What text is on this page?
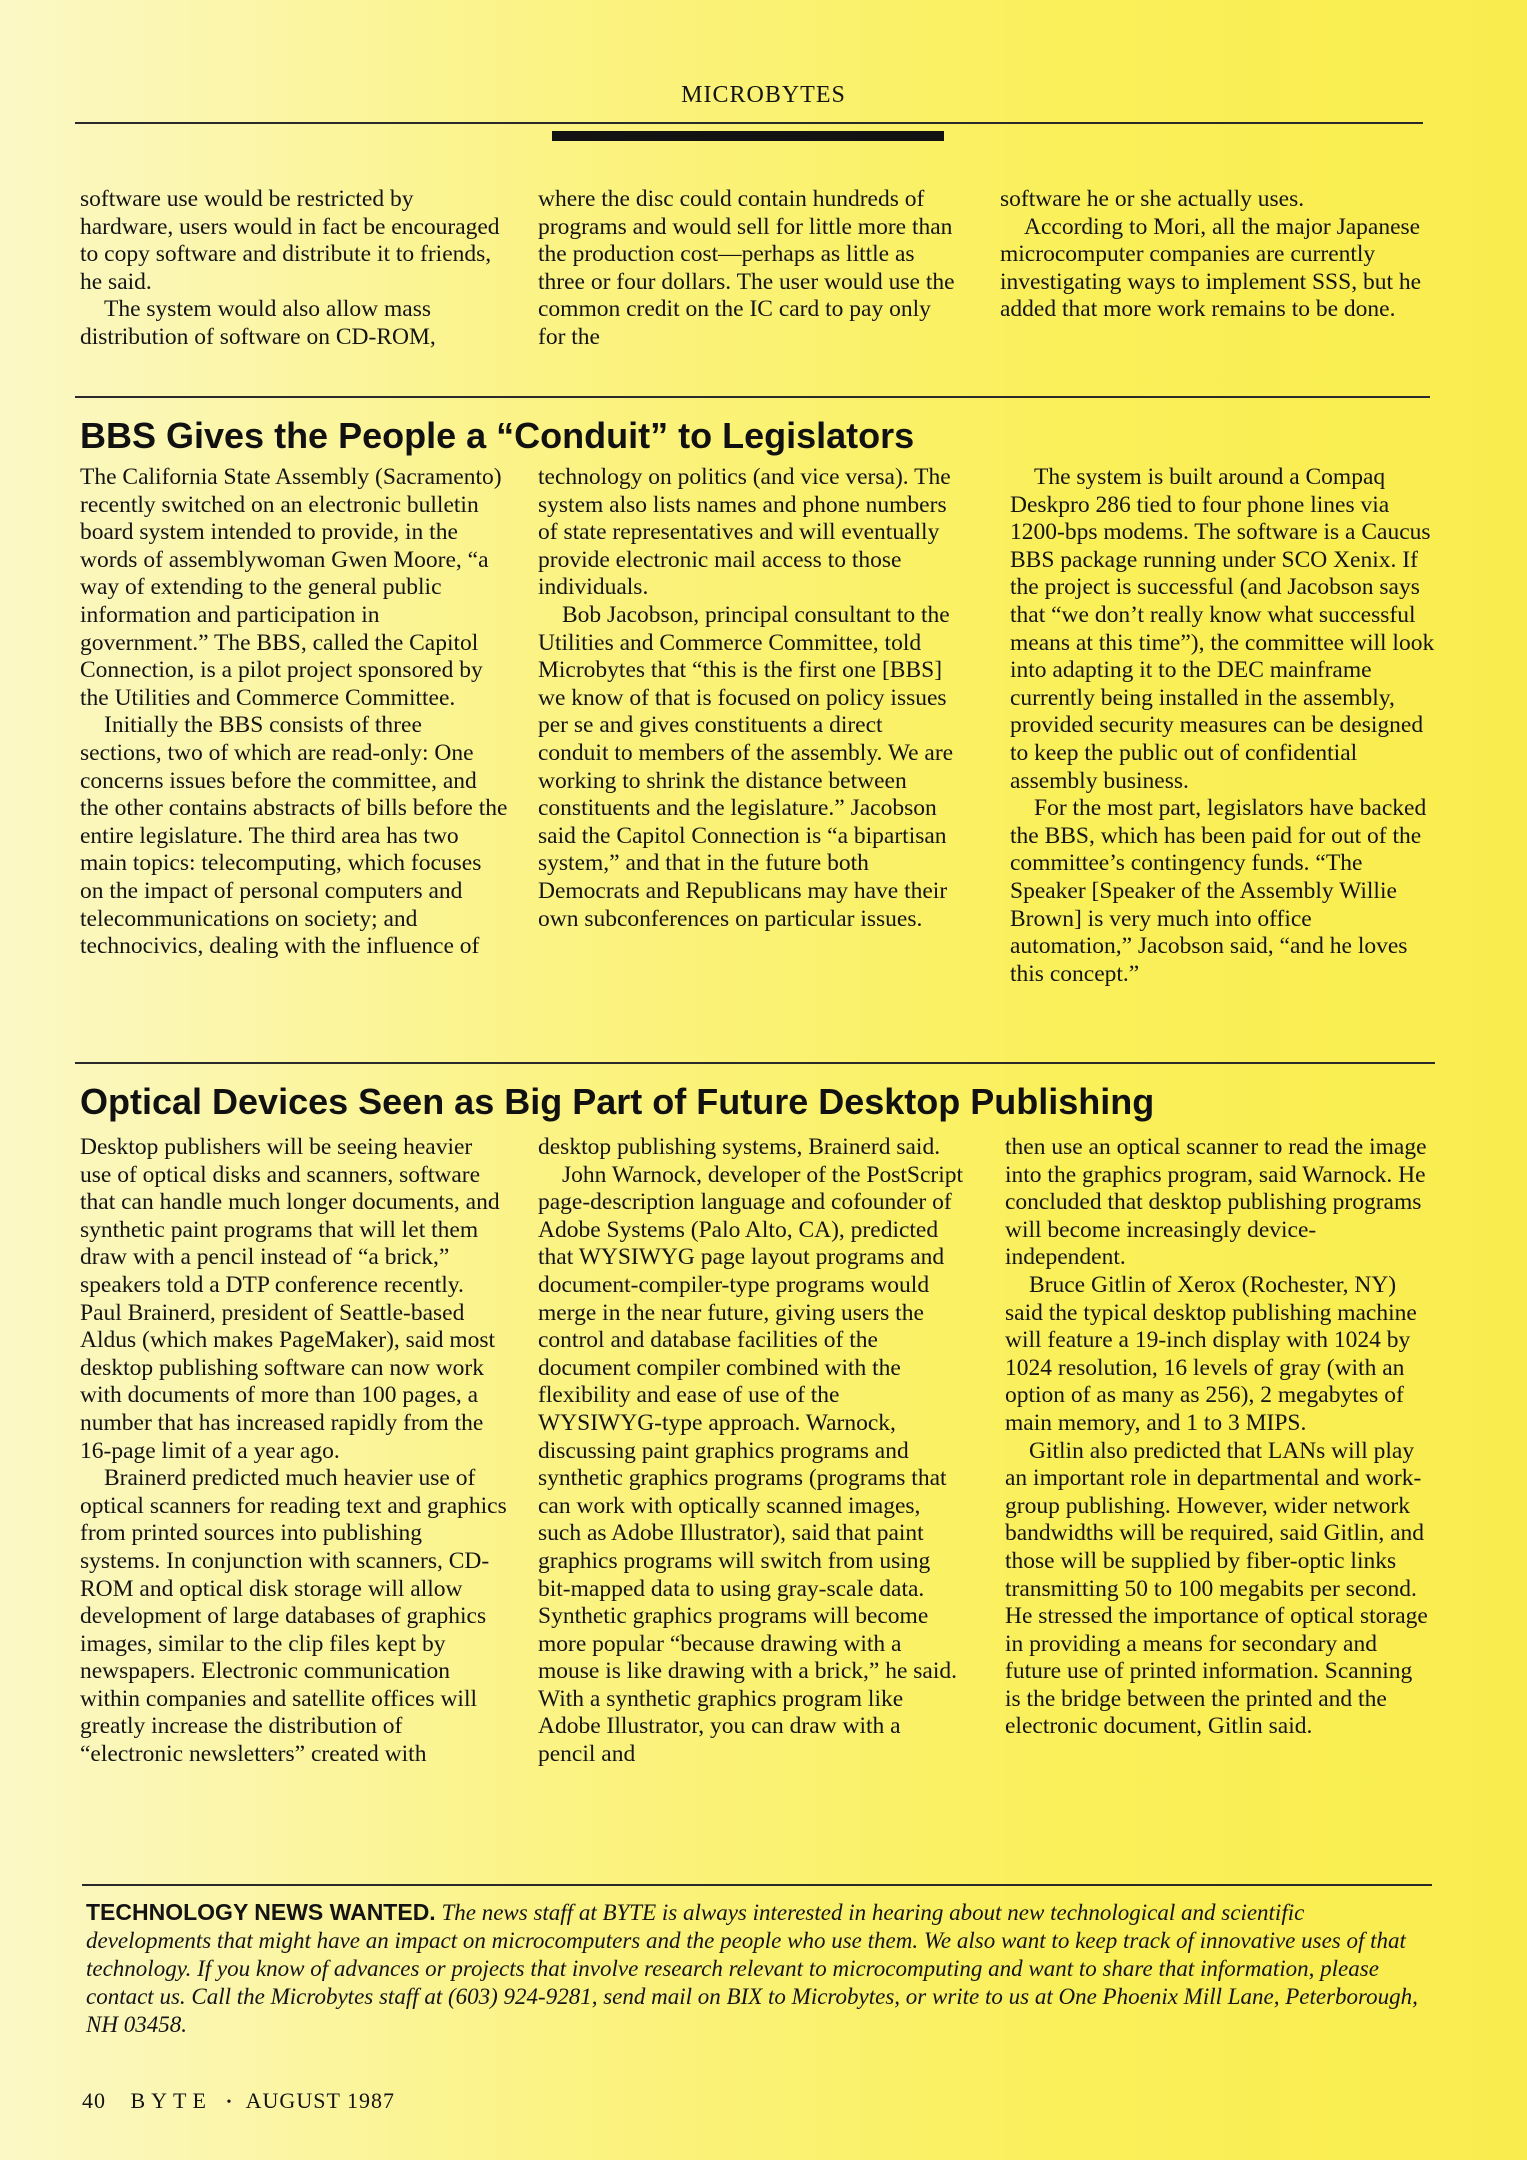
MICROBYTES

software use would be restricted by hardware, users would in fact be encouraged to copy software and distribute it to friends, he said.

The system would also allow mass distribution of software on CD-ROM,

where the disc could contain hundreds of programs and would sell for little more than the production cost—perhaps as little as three or four dollars. The user would use the common credit on the IC card to pay only for the

software he or she actually uses.

According to Mori, all the major Japanese microcomputer companies are currently investigating ways to implement SSS, but he added that more work remains to be done.

BBS Gives the People a “Conduit” to Legislators

The California State Assembly (Sacramento) recently switched on an electronic bulletin board system intended to provide, in the words of assemblywoman Gwen Moore, “a way of extending to the general public information and participation in government.” The BBS, called the Capitol Connection, is a pilot project sponsored by the Utilities and Commerce Committee.

Initially the BBS consists of three sections, two of which are read-only: One concerns issues before the committee, and the other contains abstracts of bills before the entire legislature. The third area has two main topics: telecomputing, which focuses on the impact of personal computers and telecommunications on society; and technocivics, dealing with the influence of

technology on politics (and vice versa). The system also lists names and phone numbers of state representatives and will eventually provide electronic mail access to those individuals.

Bob Jacobson, principal consultant to the Utilities and Commerce Committee, told Microbytes that “this is the first one [BBS] we know of that is focused on policy issues per se and gives constituents a direct conduit to members of the assembly. We are working to shrink the distance between constituents and the legislature.” Jacobson said the Capitol Connection is “a bipartisan system,” and that in the future both Democrats and Republicans may have their own subconferences on particular issues.

The system is built around a Compaq Deskpro 286 tied to four phone lines via 1200-bps modems. The software is a Caucus BBS package running under SCO Xenix. If the project is successful (and Jacobson says that “we don’t really know what successful means at this time”), the committee will look into adapting it to the DEC mainframe currently being installed in the assembly, provided security measures can be designed to keep the public out of confidential assembly business.

For the most part, legislators have backed the BBS, which has been paid for out of the committee’s contingency funds. “The Speaker [Speaker of the Assembly Willie Brown] is very much into office automation,” Jacobson said, “and he loves this concept.”

Optical Devices Seen as Big Part of Future Desktop Publishing

Desktop publishers will be seeing heavier use of optical disks and scanners, software that can handle much longer documents, and synthetic paint programs that will let them draw with a pencil instead of “a brick,” speakers told a DTP conference recently. Paul Brainerd, president of Seattle-based Aldus (which makes PageMaker), said most desktop publishing software can now work with documents of more than 100 pages, a number that has increased rapidly from the 16-page limit of a year ago.

Brainerd predicted much heavier use of optical scanners for reading text and graphics from printed sources into publishing systems. In conjunction with scanners, CD-ROM and optical disk storage will allow development of large databases of graphics images, similar to the clip files kept by newspapers. Electronic communication within companies and satellite offices will greatly increase the distribution of “electronic newsletters” created with

desktop publishing systems, Brainerd said.

John Warnock, developer of the PostScript page-description language and cofounder of Adobe Systems (Palo Alto, CA), predicted that WYSIWYG page layout programs and document-compiler-type programs would merge in the near future, giving users the control and database facilities of the document compiler combined with the flexibility and ease of use of the WYSIWYG-type approach. Warnock, discussing paint graphics programs and synthetic graphics programs (programs that can work with optically scanned images, such as Adobe Illustrator), said that paint graphics programs will switch from using bit-mapped data to using gray-scale data. Synthetic graphics programs will become more popular “because drawing with a mouse is like drawing with a brick,” he said. With a synthetic graphics program like Adobe Illustrator, you can draw with a pencil and

then use an optical scanner to read the image into the graphics program, said Warnock. He concluded that desktop publishing programs will become increasingly device-independent.

Bruce Gitlin of Xerox (Rochester, NY) said the typical desktop publishing machine will feature a 19-inch display with 1024 by 1024 resolution, 16 levels of gray (with an option of as many as 256), 2 megabytes of main memory, and 1 to 3 MIPS.

Gitlin also predicted that LANs will play an important role in departmental and work-group publishing. However, wider network bandwidths will be required, said Gitlin, and those will be supplied by fiber-optic links transmitting 50 to 100 megabits per second. He stressed the importance of optical storage in providing a means for secondary and future use of printed information. Scanning is the bridge between the printed and the electronic document, Gitlin said.

TECHNOLOGY NEWS WANTED. The news staff at BYTE is always interested in hearing about new technological and scientific developments that might have an impact on microcomputers and the people who use them. We also want to keep track of innovative uses of that technology. If you know of advances or projects that involve research relevant to microcomputing and want to share that information, please contact us. Call the Microbytes staff at (603) 924-9281, send mail on BIX to Microbytes, or write to us at One Phoenix Mill Lane, Peterborough, NH 03458.
40 BYTE • AUGUST 1987
